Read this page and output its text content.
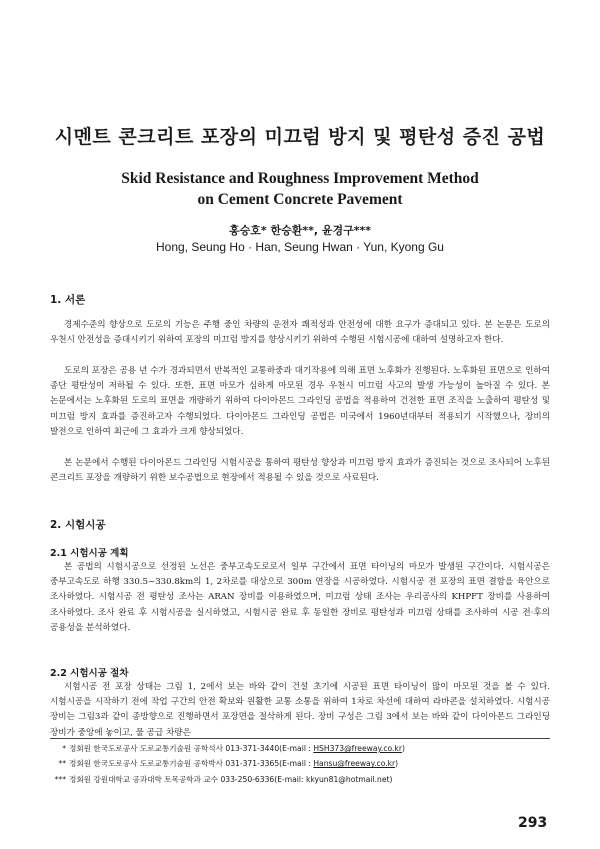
시멘트 콘크리트 포장의 미끄럼 방지 및 평탄성 증진 공법
Skid Resistance and Roughness Improvement Method
on Cement Concrete Pavement
홍승호* 한승환**, 윤경구***
Hong, Seung Ho · Han, Seung Hwan · Yun, Kyong Gu
1. 서론

경제수준의 향상으로 도로의 기능은 주행 중인 차량의 운전자 쾌적성과 안전성에 대한 요구가 증대되고 있다. 본 논문은 도로의 우천시 안전성을 증대시키기 위하여 포장의 미끄럼 방지를 향상시키기 위하여 수행된 시험시공에 대하여 설명하고자 한다.

도로의 포장은 공용 년 수가 경과되면서 반복적인 교통하중과 대기작용에 의해 표면 노후화가 진행된다. 노후화된 표면으로 인하여 종단 평탄성이 저하될 수 있다. 또한, 표면 마모가 심하게 마모된 경우 우천시 미끄럼 사고의 발생 가능성이 높아질 수 있다. 본 논문에서는 노후화된 도로의 표면을 개량하기 위하여 다이아몬드 그라인딩 공법을 적용하여 건전한 표면 조직을 노출하여 평탄성 및 미끄럼 방지 효과를 증진하고자 수행되었다. 다이아몬드 그라인딩 공법은 미국에서 1960년대부터 적용되기 시작했으나, 장비의 발전으로 인하여 최근에 그 효과가 크게 향상되었다.

본 논문에서 수행된 다이아몬드 그라인딩 시험시공을 통하여 평탄성 향상과 미끄럼 방지 효과가 증진되는 것으로 조사되어 노후된 콘크리트 포장을 개량하기 위한 보수공법으로 현장에서 적용될 수 있을 것으로 사료된다.

2. 시험시공
2.1 시험시공 계획

본 공법의 시험시공으로 선정된 노선은 중부고속도로로서 일부 구간에서 표면 타이닝의 마모가 발생된 구간이다. 시험시공은 중부고속도로 하행 330.5~330.8km의 1, 2차로를 대상으로 300m 연장을 시공하였다. 시험시공 전 포장의 표면 결함을 육안으로 조사하였다. 시험시공 전 평탄성 조사는 ARAN 장비를 이용하였으며, 미끄럼 상태 조사는 우리공사의 KHPFT 장비를 사용하여 조사하였다. 조사 완료 후 시험시공을 실시하였고, 시험시공 완료 후 동일한 장비로 평탄성과 미끄럼 상태를 조사하여 시공 전·후의 공용성을 분석하였다.

2.2 시험시공 절차

시험시공 전 포장 상태는 그림 1, 2에서 보는 바와 같이 건설 초기에 시공된 표면 타이닝이 많이 마모된 것을 볼 수 있다. 시험시공을 시작하기 전에 작업 구간의 안전 확보와 원활한 교통 소통을 위하여 1차로 차선에 대하여 라바콘을 설치하였다. 시험시공 장비는 그림3과 같이 종방향으로 진행하면서 포장면을 절삭하게 된다. 장비 구성은 그림 3에서 보는 바와 같이 다이아몬드 그라인딩 장비가 중앙에 놓이고, 물 공급 차량은

* 정회원 한국도로공사 도로교통기술원 공학석사 013-371-3440(E-mail : HSH373@freeway.co.kr)
** 정회원 한국도로공사 도로교통기술원 공학박사 031-371-3365(E-mail : Hansu@freeway.co.kr)
*** 정회원 강원대학교 공과대학 토목공학과 교수 033-250-6336(E-mail: kkyun81@hotmail.net)
293
